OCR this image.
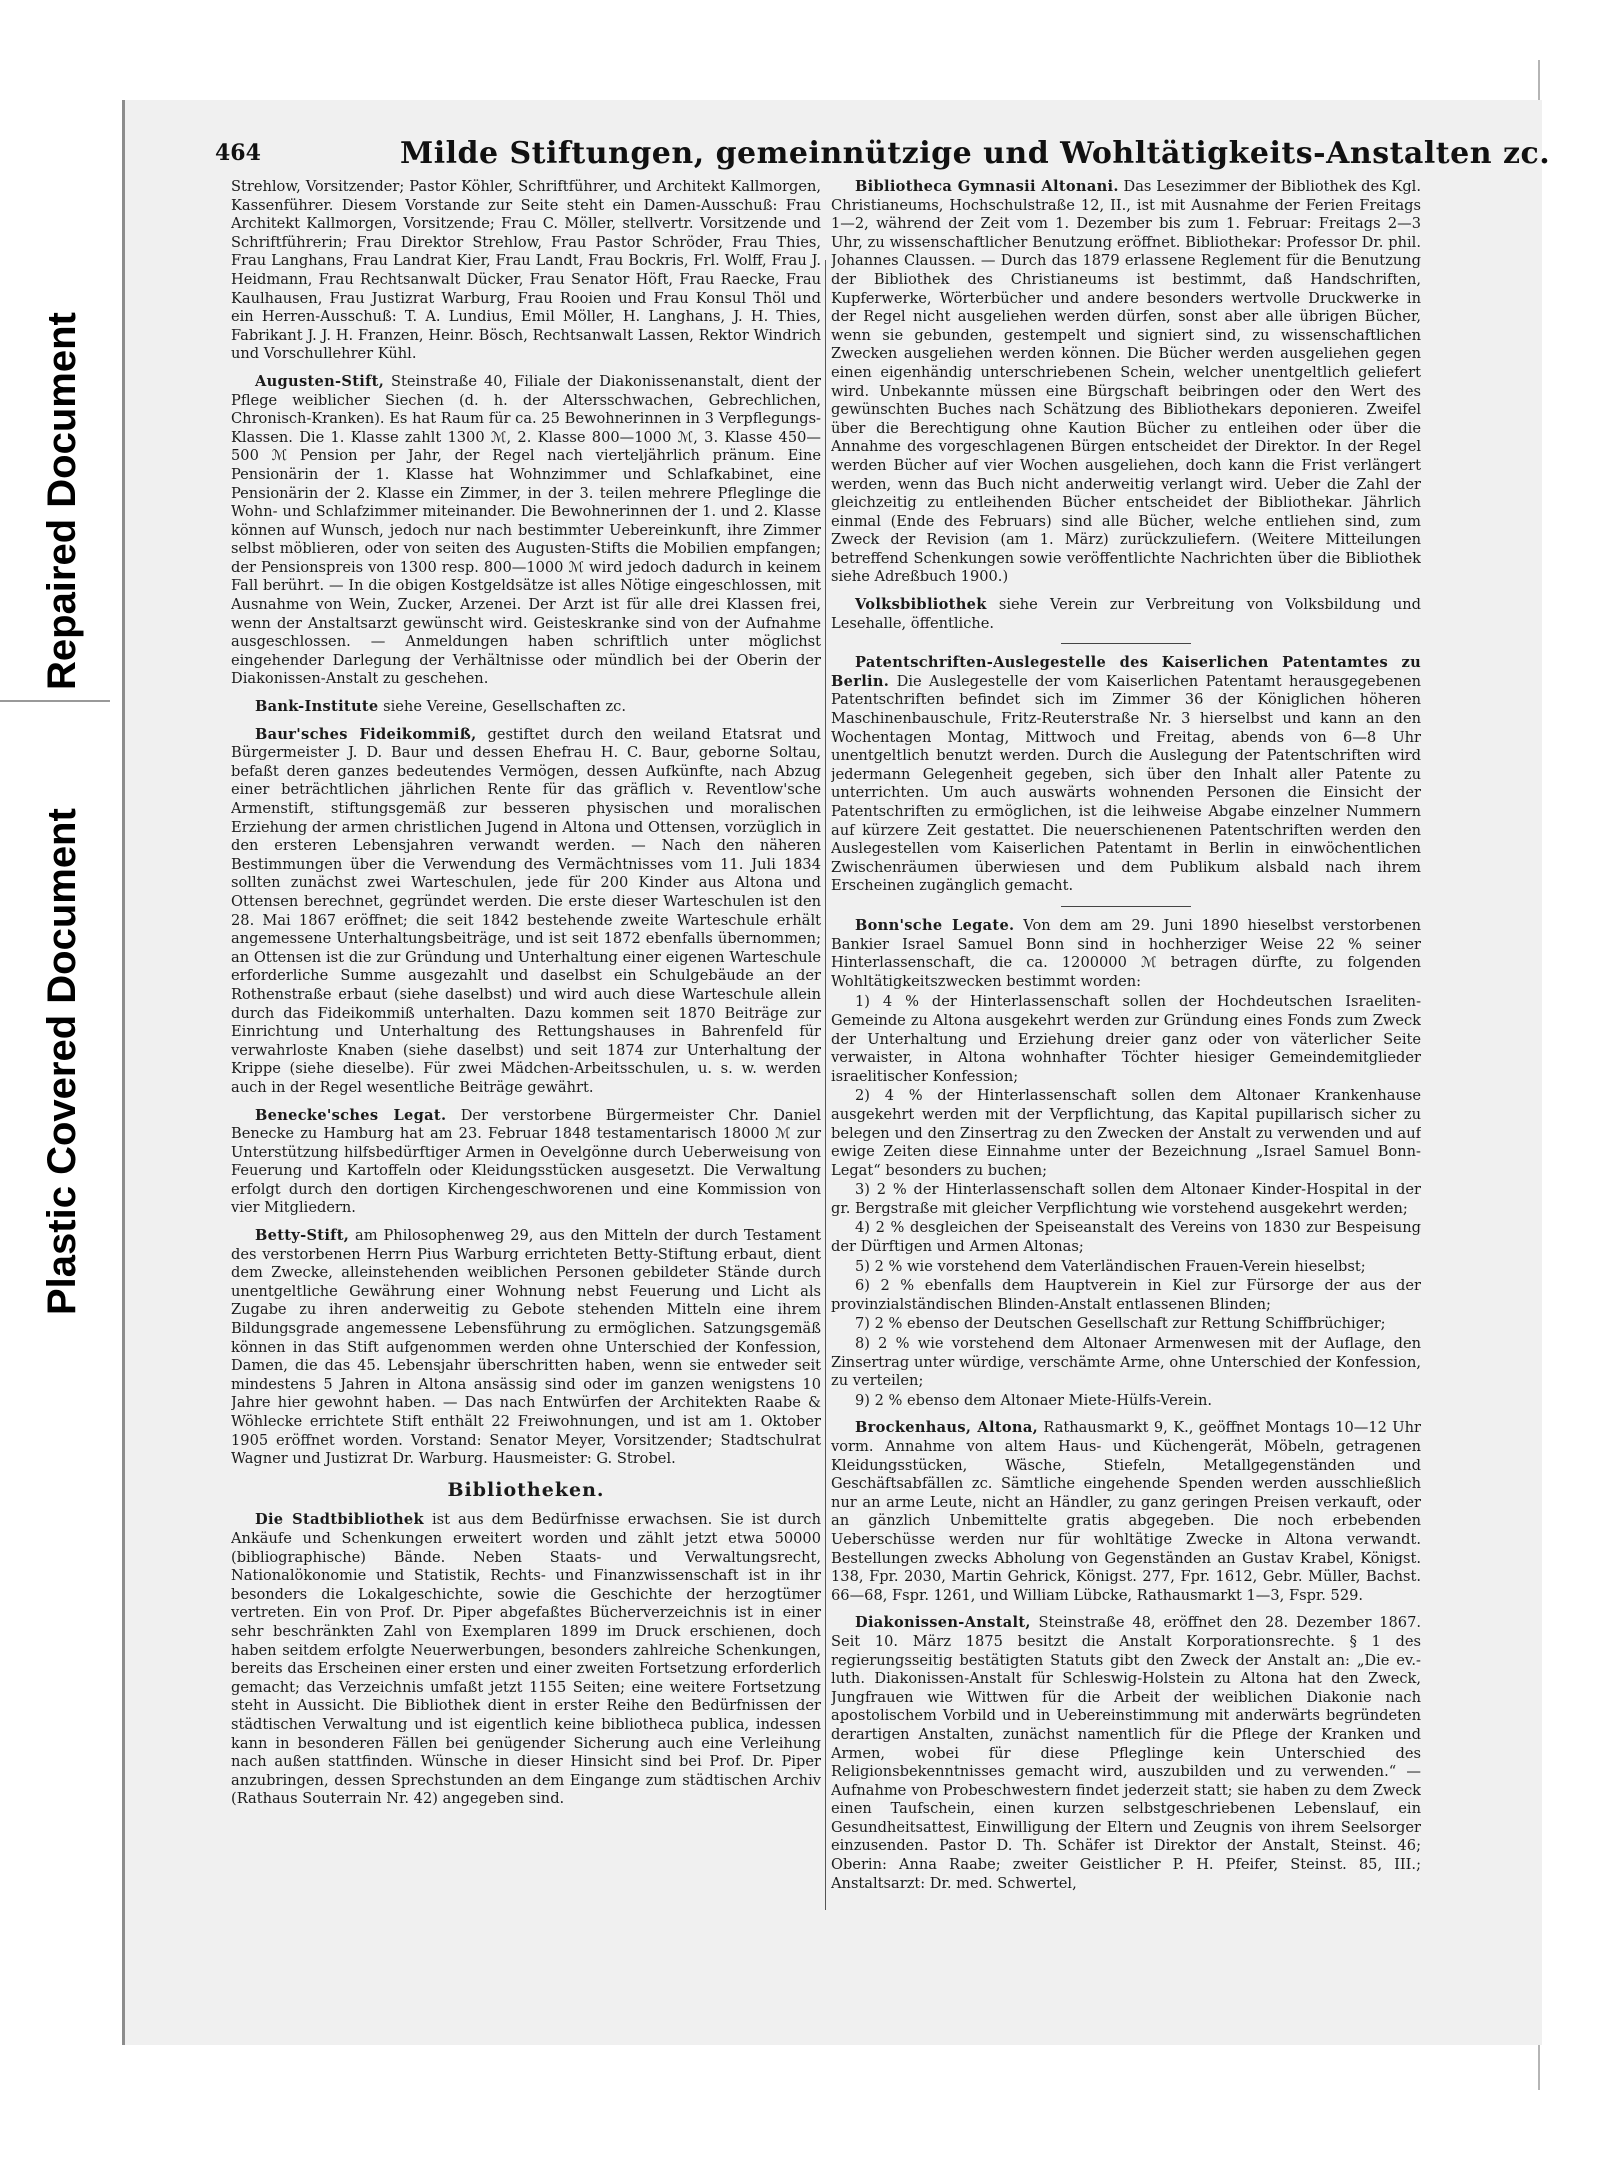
Repaired Document
Plastic Covered Document
464	Milde Stiftungen, gemeinnützige und Wohltätigkeits-Anstalten zc.

Strehlow, Vorsitzender; Pastor Köhler, Schriftführer, und Architekt Kallmorgen, Kassenführer. Diesem Vorstande zur Seite steht ein Damen-Ausschuß: Frau Architekt Kallmorgen, Vorsitzende; Frau C. Möller, stellvertr. Vorsitzende und Schriftführerin; Frau Direktor Strehlow, Frau Pastor Schröder, Frau Thies, Frau Langhans, Frau Landrat Kier, Frau Landt, Frau Bockris, Frl. Wolff, Frau J. Heidmann, Frau Rechtsanwalt Dücker, Frau Senator Höft, Frau Raecke, Frau Kaulhausen, Frau Justizrat Warburg, Frau Rooien und Frau Konsul Thöl und ein Herren-Ausschuß: T. A. Lundius, Emil Möller, H. Langhans, J. H. Thies, Fabrikant J. J. H. Franzen, Heinr. Bösch, Rechtsanwalt Lassen, Rektor Windrich und Vorschullehrer Kühl.

Augusten-Stift, Steinstraße 40, Filiale der Diakonissenanstalt, dient der Pflege weiblicher Siechen (d. h. der Altersschwachen, Gebrechlichen, Chronisch-Kranken). Es hat Raum für ca. 25 Bewohnerinnen in 3 Verpflegungs-Klassen. Die 1. Klasse zahlt 1300 ℳ, 2. Klasse 800—1000 ℳ, 3. Klasse 450—500 ℳ Pension per Jahr, der Regel nach vierteljährlich pränum. Eine Pensionärin der 1. Klasse hat Wohnzimmer und Schlafkabinet, eine Pensionärin der 2. Klasse ein Zimmer, in der 3. teilen mehrere Pfleglinge die Wohn- und Schlafzimmer miteinander. Die Bewohnerinnen der 1. und 2. Klasse können auf Wunsch, jedoch nur nach bestimmter Uebereinkunft, ihre Zimmer selbst möblieren, oder von seiten des Augusten-Stifts die Mobilien empfangen; der Pensionspreis von 1300 resp. 800—1000 ℳ wird jedoch dadurch in keinem Fall berührt. — In die obigen Kostgeldsätze ist alles Nötige eingeschlossen, mit Ausnahme von Wein, Zucker, Arzenei. Der Arzt ist für alle drei Klassen frei, wenn der Anstaltsarzt gewünscht wird. Geisteskranke sind von der Aufnahme ausgeschlossen. — Anmeldungen haben schriftlich unter möglichst eingehender Darlegung der Verhältnisse oder mündlich bei der Oberin der Diakonissen-Anstalt zu geschehen.

Bank-Institute siehe Vereine, Gesellschaften zc.

Baur'sches Fideikommiß, gestiftet durch den weiland Etatsrat und Bürgermeister J. D. Baur und dessen Ehefrau H. C. Baur, geborne Soltau, befaßt deren ganzes bedeutendes Vermögen, dessen Aufkünfte, nach Abzug einer beträchtlichen jährlichen Rente für das gräflich v. Reventlow'sche Armenstift, stiftungsgemäß zur besseren physischen und moralischen Erziehung der armen christlichen Jugend in Altona und Ottensen, vorzüglich in den ersteren Lebensjahren verwandt werden. — Nach den näheren Bestimmungen über die Verwendung des Vermächtnisses vom 11. Juli 1834 sollten zunächst zwei Warteschulen, jede für 200 Kinder aus Altona und Ottensen berechnet, gegründet werden. Die erste dieser Warteschulen ist den 28. Mai 1867 eröffnet; die seit 1842 bestehende zweite Warteschule erhält angemessene Unterhaltungsbeiträge, und ist seit 1872 ebenfalls übernommen; an Ottensen ist die zur Gründung und Unterhaltung einer eigenen Warteschule erforderliche Summe ausgezahlt und daselbst ein Schulgebäude an der Rothenstraße erbaut (siehe daselbst) und wird auch diese Warteschule allein durch das Fideikommiß unterhalten. Dazu kommen seit 1870 Beiträge zur Einrichtung und Unterhaltung des Rettungshauses in Bahrenfeld für verwahrloste Knaben (siehe daselbst) und seit 1874 zur Unterhaltung der Krippe (siehe dieselbe). Für zwei Mädchen-Arbeitsschulen, u. s. w. werden auch in der Regel wesentliche Beiträge gewährt.

Benecke'sches Legat. Der verstorbene Bürgermeister Chr. Daniel Benecke zu Hamburg hat am 23. Februar 1848 testamentarisch 18000 ℳ zur Unterstützung hilfsbedürftiger Armen in Oevelgönne durch Ueberweisung von Feuerung und Kartoffeln oder Kleidungsstücken ausgesetzt. Die Verwaltung erfolgt durch den dortigen Kirchengeschworenen und eine Kommission von vier Mitgliedern.

Betty-Stift, am Philosophenweg 29, aus den Mitteln der durch Testament des verstorbenen Herrn Pius Warburg errichteten Betty-Stiftung erbaut, dient dem Zwecke, alleinstehenden weiblichen Personen gebildeter Stände durch unentgeltliche Gewährung einer Wohnung nebst Feuerung und Licht als Zugabe zu ihren anderweitig zu Gebote stehenden Mitteln eine ihrem Bildungsgrade angemessene Lebensführung zu ermöglichen. Satzungsgemäß können in das Stift aufgenommen werden ohne Unterschied der Konfession, Damen, die das 45. Lebensjahr überschritten haben, wenn sie entweder seit mindestens 5 Jahren in Altona ansässig sind oder im ganzen wenigstens 10 Jahre hier gewohnt haben. — Das nach Entwürfen der Architekten Raabe & Wöhlecke errichtete Stift enthält 22 Freiwohnungen, und ist am 1. Oktober 1905 eröffnet worden. Vorstand: Senator Meyer, Vorsitzender; Stadtschulrat Wagner und Justizrat Dr. Warburg. Hausmeister: G. Strobel.

Bibliotheken.

Die Stadtbibliothek ist aus dem Bedürfnisse erwachsen. Sie ist durch Ankäufe und Schenkungen erweitert worden und zählt jetzt etwa 50000 (bibliographische) Bände. Neben Staats- und Verwaltungsrecht, Nationalökonomie und Statistik, Rechts- und Finanzwissenschaft ist in ihr besonders die Lokalgeschichte, sowie die Geschichte der herzogtümer vertreten. Ein von Prof. Dr. Piper abgefaßtes Bücherverzeichnis ist in einer sehr beschränkten Zahl von Exemplaren 1899 im Druck erschienen, doch haben seitdem erfolgte Neuerwerbungen, besonders zahlreiche Schenkungen, bereits das Erscheinen einer ersten und einer zweiten Fortsetzung erforderlich gemacht; das Verzeichnis umfaßt jetzt 1155 Seiten; eine weitere Fortsetzung steht in Aussicht. Die Bibliothek dient in erster Reihe den Bedürfnissen der städtischen Verwaltung und ist eigentlich keine bibliotheca publica, indessen kann in besonderen Fällen bei genügender Sicherung auch eine Verleihung nach außen stattfinden. Wünsche in dieser Hinsicht sind bei Prof. Dr. Piper anzubringen, dessen Sprechstunden an dem Eingange zum städtischen Archiv (Rathaus Souterrain Nr. 42) angegeben sind.

Bibliotheca Gymnasii Altonani. Das Lesezimmer der Bibliothek des Kgl. Christianeums, Hochschulstraße 12, II., ist mit Ausnahme der Ferien Freitags 1—2, während der Zeit vom 1. Dezember bis zum 1. Februar: Freitags 2—3 Uhr, zu wissenschaftlicher Benutzung eröffnet. Bibliothekar: Professor Dr. phil. Johannes Claussen. — Durch das 1879 erlassene Reglement für die Benutzung der Bibliothek des Christianeums ist bestimmt, daß Handschriften, Kupferwerke, Wörterbücher und andere besonders wertvolle Druckwerke in der Regel nicht ausgeliehen werden dürfen, sonst aber alle übrigen Bücher, wenn sie gebunden, gestempelt und signiert sind, zu wissenschaftlichen Zwecken ausgeliehen werden können. Die Bücher werden ausgeliehen gegen einen eigenhändig unterschriebenen Schein, welcher unentgeltlich geliefert wird. Unbekannte müssen eine Bürgschaft beibringen oder den Wert des gewünschten Buches nach Schätzung des Bibliothekars deponieren. Zweifel über die Berechtigung ohne Kaution Bücher zu entleihen oder über die Annahme des vorgeschlagenen Bürgen entscheidet der Direktor. In der Regel werden Bücher auf vier Wochen ausgeliehen, doch kann die Frist verlängert werden, wenn das Buch nicht anderweitig verlangt wird. Ueber die Zahl der gleichzeitig zu entleihenden Bücher entscheidet der Bibliothekar. Jährlich einmal (Ende des Februars) sind alle Bücher, welche entliehen sind, zum Zweck der Revision (am 1. März) zurückzuliefern. (Weitere Mitteilungen betreffend Schenkungen sowie veröffentlichte Nachrichten über die Bibliothek siehe Adreßbuch 1900.)

Volksbibliothek siehe Verein zur Verbreitung von Volksbildung und Lesehalle, öffentliche.

Patentschriften-Auslegestelle des Kaiserlichen Patentamtes zu Berlin. Die Auslegestelle der vom Kaiserlichen Patentamt herausgegebenen Patentschriften befindet sich im Zimmer 36 der Königlichen höheren Maschinenbauschule, Fritz-Reuterstraße Nr. 3 hierselbst und kann an den Wochentagen Montag, Mittwoch und Freitag, abends von 6—8 Uhr unentgeltlich benutzt werden. Durch die Auslegung der Patentschriften wird jedermann Gelegenheit gegeben, sich über den Inhalt aller Patente zu unterrichten. Um auch auswärts wohnenden Personen die Einsicht der Patentschriften zu ermöglichen, ist die leihweise Abgabe einzelner Nummern auf kürzere Zeit gestattet. Die neuerschienenen Patentschriften werden den Auslegestellen vom Kaiserlichen Patentamt in Berlin in einwöchentlichen Zwischenräumen überwiesen und dem Publikum alsbald nach ihrem Erscheinen zugänglich gemacht.

Bonn'sche Legate. Von dem am 29. Juni 1890 hieselbst verstorbenen Bankier Israel Samuel Bonn sind in hochherziger Weise 22 % seiner Hinterlassenschaft, die ca. 1200000 ℳ betragen dürfte, zu folgenden Wohltätigkeitszwecken bestimmt worden:

1) 4 % der Hinterlassenschaft sollen der Hochdeutschen Israeliten-Gemeinde zu Altona ausgekehrt werden zur Gründung eines Fonds zum Zweck der Unterhaltung und Erziehung dreier ganz oder von väterlicher Seite verwaister, in Altona wohnhafter Töchter hiesiger Gemeindemitglieder israelitischer Konfession;

2) 4 % der Hinterlassenschaft sollen dem Altonaer Krankenhause ausgekehrt werden mit der Verpflichtung, das Kapital pupillarisch sicher zu belegen und den Zinsertrag zu den Zwecken der Anstalt zu verwenden und auf ewige Zeiten diese Einnahme unter der Bezeichnung „Israel Samuel Bonn-Legat“ besonders zu buchen;

3) 2 % der Hinterlassenschaft sollen dem Altonaer Kinder-Hospital in der gr. Bergstraße mit gleicher Verpflichtung wie vorstehend ausgekehrt werden;

4) 2 % desgleichen der Speiseanstalt des Vereins von 1830 zur Bespeisung der Dürftigen und Armen Altonas;

5) 2 % wie vorstehend dem Vaterländischen Frauen-Verein hieselbst;

6) 2 % ebenfalls dem Hauptverein in Kiel zur Fürsorge der aus der provinzialständischen Blinden-Anstalt entlassenen Blinden;

7) 2 % ebenso der Deutschen Gesellschaft zur Rettung Schiffbrüchiger;

8) 2 % wie vorstehend dem Altonaer Armenwesen mit der Auflage, den Zinsertrag unter würdige, verschämte Arme, ohne Unterschied der Konfession, zu verteilen;

9) 2 % ebenso dem Altonaer Miete-Hülfs-Verein.

Brockenhaus, Altona, Rathausmarkt 9, K., geöffnet Montags 10—12 Uhr vorm. Annahme von altem Haus- und Küchengerät, Möbeln, getragenen Kleidungsstücken, Wäsche, Stiefeln, Metallgegenständen und Geschäftsabfällen zc. Sämtliche eingehende Spenden werden ausschließlich nur an arme Leute, nicht an Händler, zu ganz geringen Preisen verkauft, oder an gänzlich Unbemittelte gratis abgegeben. Die noch erbebenden Ueberschüsse werden nur für wohltätige Zwecke in Altona verwandt. Bestellungen zwecks Abholung von Gegenständen an Gustav Krabel, Königst. 138, Fpr. 2030, Martin Gehrick, Königst. 277, Fpr. 1612, Gebr. Müller, Bachst. 66—68, Fspr. 1261, und William Lübcke, Rathausmarkt 1—3, Fspr. 529.

Diakonissen-Anstalt, Steinstraße 48, eröffnet den 28. Dezember 1867. Seit 10. März 1875 besitzt die Anstalt Korporationsrechte. § 1 des regierungsseitig bestätigten Statuts gibt den Zweck der Anstalt an: „Die ev.-luth. Diakonissen-Anstalt für Schleswig-Holstein zu Altona hat den Zweck, Jungfrauen wie Wittwen für die Arbeit der weiblichen Diakonie nach apostolischem Vorbild und in Uebereinstimmung mit anderwärts begründeten derartigen Anstalten, zunächst namentlich für die Pflege der Kranken und Armen, wobei für diese Pfleglinge kein Unterschied des Religionsbekenntnisses gemacht wird, auszubilden und zu verwenden.“ — Aufnahme von Probeschwestern findet jederzeit statt; sie haben zu dem Zweck einen Taufschein, einen kurzen selbstgeschriebenen Lebenslauf, ein Gesundheitsattest, Einwilligung der Eltern und Zeugnis von ihrem Seelsorger einzusenden. Pastor D. Th. Schäfer ist Direktor der Anstalt, Steinst. 46; Oberin: Anna Raabe; zweiter Geistlicher P. H. Pfeifer, Steinst. 85, III.; Anstaltsarzt: Dr. med. Schwertel,
